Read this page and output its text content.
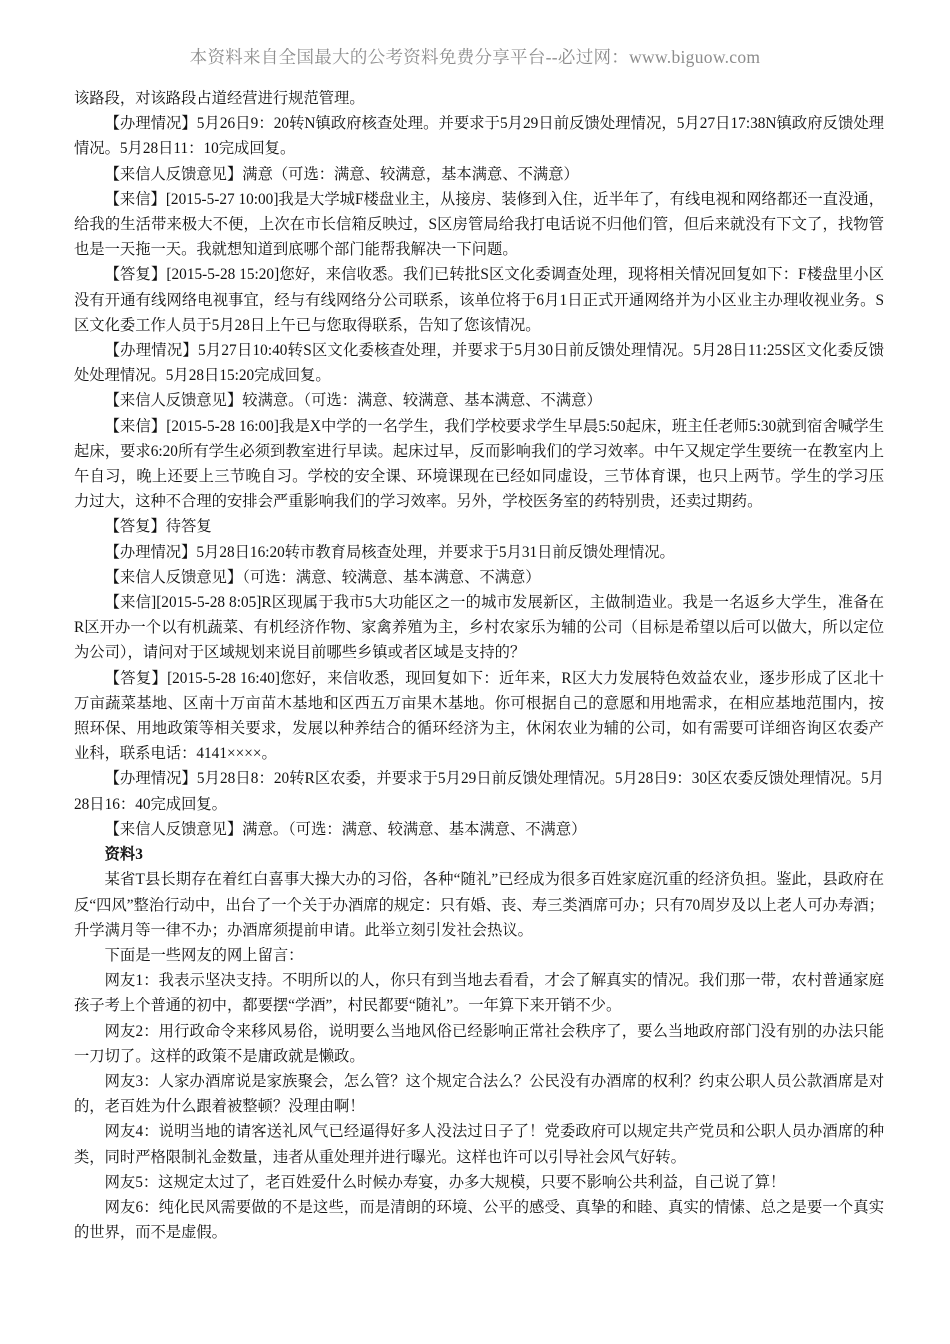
本资料来自全国最大的公考资料免费分享平台--必过网：www.biguow.com

该路段，对该路段占道经营进行规范管理。

【办理情况】5月26日9：20转N镇政府核查处理。并要求于5月29日前反馈处理情况，5月27日17:38N镇政府反馈处理情况。5月28日11：10完成回复。

【来信人反馈意见】满意（可选：满意、较满意，基本满意、不满意）

【来信】[2015-5-27 10:00]我是大学城F楼盘业主，从接房、装修到入住，近半年了，有线电视和网络都还一直没通，给我的生活带来极大不便，上次在市长信箱反映过，S区房管局给我打电话说不归他们管，但后来就没有下文了，找物管也是一天拖一天。我就想知道到底哪个部门能帮我解决一下问题。

【答复】[2015-5-28 15:20]您好，来信收悉。我们已转批S区文化委调查处理，现将相关情况回复如下：F楼盘里小区没有开通有线网络电视事宜，经与有线网络分公司联系，该单位将于6月1日正式开通网络并为小区业主办理收视业务。S区文化委工作人员于5月28日上午已与您取得联系，告知了您该情况。

【办理情况】5月27日10:40转S区文化委核查处理，并要求于5月30日前反馈处理情况。5月28日11:25S区文化委反馈处处理情况。5月28日15:20完成回复。

【来信人反馈意见】较满意。（可选：满意、较满意、基本满意、不满意）

【来信】[2015-5-28 16:00]我是X中学的一名学生，我们学校要求学生早晨5:50起床，班主任老师5:30就到宿舍喊学生起床，要求6:20所有学生必须到教室进行早读。起床过早，反而影响我们的学习效率。中午又规定学生要统一在教室内上午自习，晚上还要上三节晚自习。学校的安全课、环境课现在已经如同虚设，三节体育课，也只上两节。学生的学习压力过大，这种不合理的安排会严重影响我们的学习效率。另外，学校医务室的药特别贵，还卖过期药。

【答复】待答复

【办理情况】5月28日16:20转市教育局核查处理，并要求于5月31日前反馈处理情况。

【来信人反馈意见】（可选：满意、较满意、基本满意、不满意）

【来信][2015-5-28 8:05]R区现属于我市5大功能区之一的城市发展新区，主做制造业。我是一名返乡大学生，准备在R区开办一个以有机蔬菜、有机经济作物、家禽养殖为主，乡村农家乐为辅的公司（目标是希望以后可以做大，所以定位为公司），请问对于区域规划来说目前哪些乡镇或者区域是支持的？

【答复】[2015-5-28 16:40]您好，来信收悉，现回复如下：近年来，R区大力发展特色效益农业，逐步形成了区北十万亩蔬菜基地、区南十万亩苗木基地和区西五万亩果木基地。你可根据自己的意愿和用地需求，在相应基地范围内，按照环保、用地政策等相关要求，发展以种养结合的循环经济为主，休闲农业为辅的公司，如有需要可详细咨询区农委产业科，联系电话：4141××××。

【办理情况】5月28日8：20转R区农委，并要求于5月29日前反馈处理情况。5月28日9：30区农委反馈处理情况。5月28日16：40完成回复。

【来信人反馈意见】满意。（可选：满意、较满意、基本满意、不满意）

资料3

某省T县长期存在着红白喜事大操大办的习俗，各种“随礼”已经成为很多百姓家庭沉重的经济负担。鉴此，县政府在反“四风”整治行动中，出台了一个关于办酒席的规定：只有婚、丧、寿三类酒席可办；只有70周岁及以上老人可办寿酒；升学满月等一律不办；办酒席须提前申请。此举立刻引发社会热议。

下面是一些网友的网上留言：

网友1：我表示坚决支持。不明所以的人，你只有到当地去看看，才会了解真实的情况。我们那一带，农村普通家庭孩子考上个普通的初中，都要摆“学酒”，村民都要“随礼”。一年算下来开销不少。

网友2：用行政命令来移风易俗，说明要么当地风俗已经影响正常社会秩序了，要么当地政府部门没有别的办法只能一刀切了。这样的政策不是庸政就是懒政。

网友3：人家办酒席说是家族聚会，怎么管？这个规定合法么？公民没有办酒席的权利？约束公职人员公款酒席是对的，老百姓为什么跟着被整顿？没理由啊！

网友4：说明当地的请客送礼风气已经逼得好多人没法过日子了！党委政府可以规定共产党员和公职人员办酒席的种类，同时严格限制礼金数量，违者从重处理并进行曝光。这样也许可以引导社会风气好转。

网友5：这规定太过了，老百姓爱什么时候办寿宴，办多大规模，只要不影响公共利益，自己说了算！

网友6：纯化民风需要做的不是这些，而是清朗的环境、公平的感受、真挚的和睦、真实的情愫、总之是要一个真实的世界，而不是虚假。
